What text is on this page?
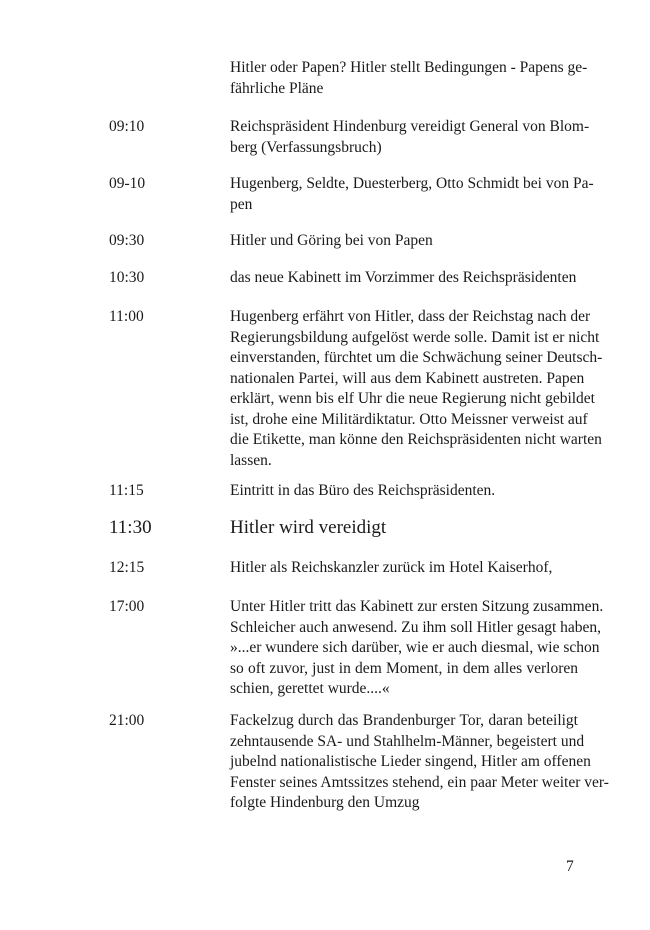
Hitler oder Papen? Hitler stellt Bedingungen - Papens ge-
fährliche Pläne
09:10	Reichspräsident Hindenburg vereidigt General von Blom-
berg (Verfassungsbruch)
09-10	Hugenberg, Seldte, Duesterberg, Otto Schmidt bei von Pa-
pen
09:30	Hitler und Göring bei von Papen
10:30	das neue Kabinett im Vorzimmer des Reichspräsidenten
11:00	Hugenberg erfährt von Hitler, dass der Reichstag nach der
Regierungsbildung aufgelöst werde solle. Damit ist er nicht
einverstanden, fürchtet um die Schwächung seiner Deutsch-
nationalen Partei, will aus dem Kabinett austreten. Papen
erklärt, wenn bis elf Uhr die neue Regierung nicht gebildet
ist, drohe eine Militärdiktatur. Otto Meissner verweist auf
die Etikette, man könne den Reichspräsidenten nicht warten
lassen.
11:15	Eintritt in das Büro des Reichspräsidenten.
11:30	Hitler wird vereidigt
12:15	Hitler als Reichskanzler zurück im Hotel Kaiserhof,
17:00	Unter Hitler tritt das Kabinett zur ersten Sitzung zusammen.
Schleicher auch anwesend. Zu ihm soll Hitler gesagt haben,
»...er wundere sich darüber, wie er auch diesmal, wie schon
so oft zuvor, just in dem Moment, in dem alles verloren
schien, gerettet wurde....«
21:00	Fackelzug durch das Brandenburger Tor, daran beteiligt
zehntausende SA- und Stahlhelm-Männer, begeistert und
jubelnd nationalistische Lieder singend, Hitler am offenen
Fenster seines Amtssitzes stehend, ein paar Meter weiter ver-
folgte Hindenburg den Umzug
7
